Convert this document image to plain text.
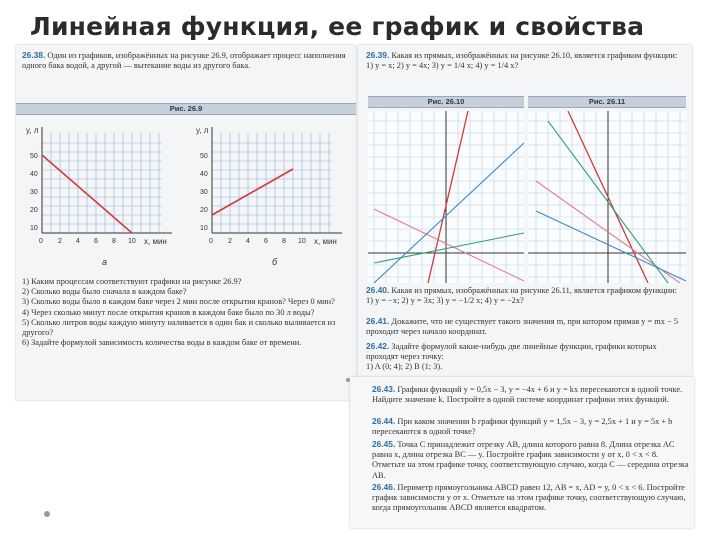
Линейная функция, ее график и свойства
26.38. Один из графиков, изображённых на рисунке 26.9, отображает процесс наполнения одного бака водой, а другой — вытекание воды из другого бака.
Рис. 26.9
y, л
x, мин
50
40
30
20
10
0 2 4 6 8 10
а
y, л
x, мин
50
40
30
20
10
0 2 4 6 8 10
б
1) Каким процессам соответствуют графики на рисунке 26.9?
2) Сколько воды было сначала в каждом баке?
3) Сколько воды было в каждом баке через 2 мин после открытия кранов? Через 0 мин?
4) Через сколько минут после открытия кранов в каждом баке было по 30 л воды?
5) Сколько литров воды каждую минуту наливается в один бак и сколько выливается из другого?
6) Задайте формулой зависимость количества воды в каждом баке от времени.
26.39. Какая из прямых, изображённых на рисунке 26.10, является графиком функции:
1) y = x; 2) y = 4x; 3) y = 1/4 x; 4) y = 1/4 x?
Рис. 26.10	Рис. 26.11
26.40. Какая из прямых, изображённых на рисунке 26.11, является графиком функции:
1) y = −x; 2) y = 3x; 3) y = −1/2 x; 4) y = −2x?
26.41. Докажите, что не существует такого значения m, при котором прямая y = mx − 5 проходит через начало координат.
26.42. Задайте формулой какие-нибудь две линейные функции, графики которых проходят через точку:
1) A (0; 4); 2) B (1; 3).
26.43. Графики функций y = 0,5x − 3, y = −4x + 6 и y = kx пересекаются в одной точке. Найдите значение k. Постройте в одной системе координат графики этих функций.
26.44. При каком значении b графики функций y = 1,5x − 3, y = 2,5x + 1 и y = 5x + b пересекаются в одной точке?
26.45. Точка C принадлежит отрезку AB, длина которого равна 8. Длина отрезка AC равна x, длина отрезка BC — y. Постройте график зависимости y от x, 0 < x < 8. Отметьте на этом графике точку, соответствующую случаю, когда C — середина отрезка AB.
26.46. Периметр прямоугольника ABCD равен 12, AB = x, AD = y, 0 < x < 6. Постройте график зависимости y от x. Отметьте на этом графике точку, соответствующую случаю, когда прямоугольник ABCD является квадратом.
